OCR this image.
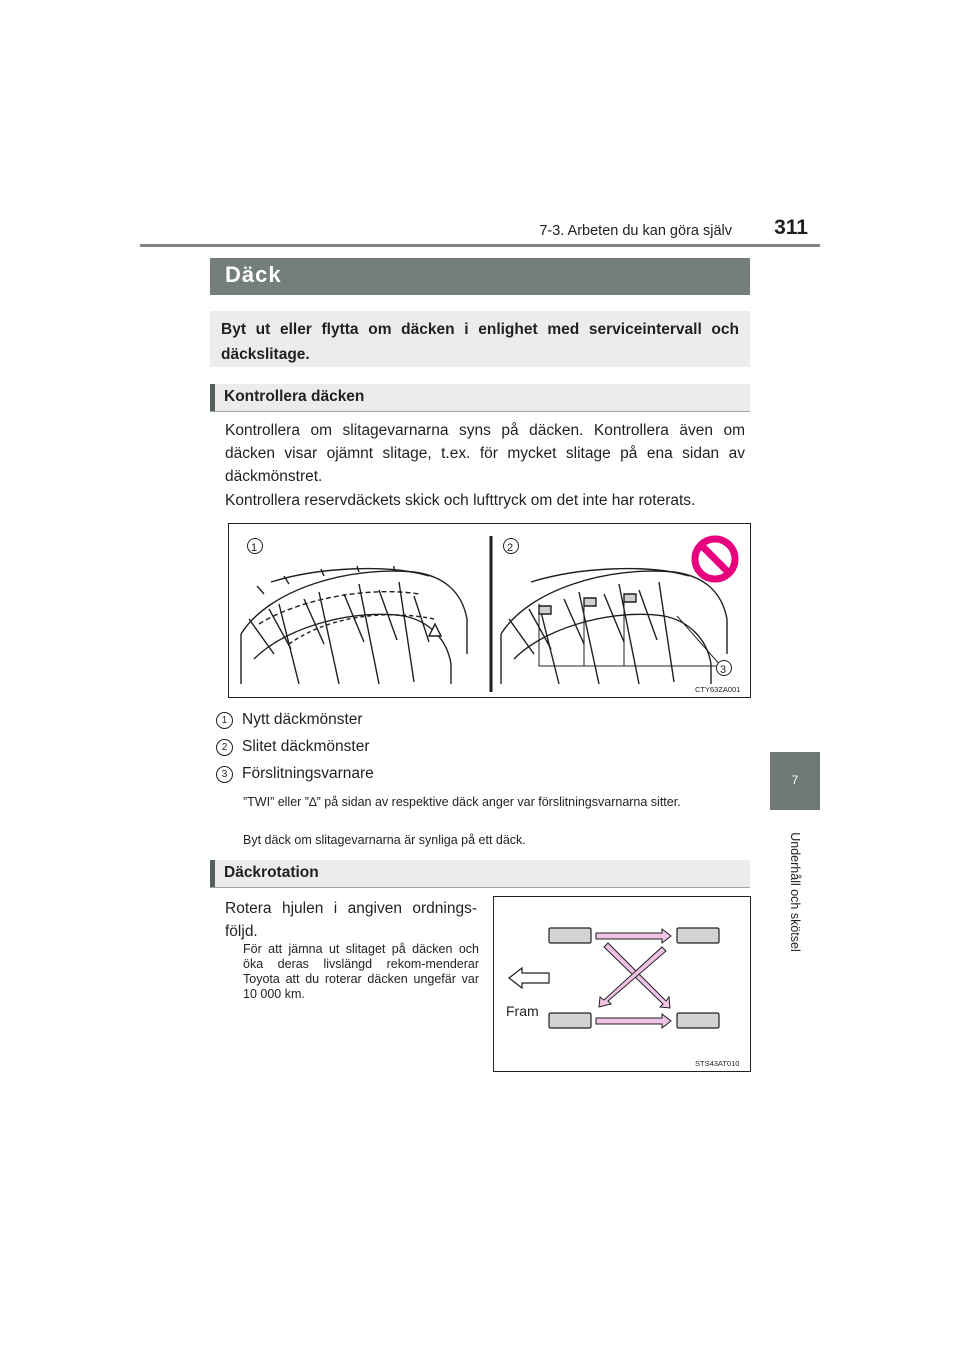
7-3. Arbeten du kan göra själv	311
7
Underhåll och skötsel
Däck
Byt ut eller flytta om däcken i enlighet med serviceintervall och däckslitage.
Kontrollera däcken
Kontrollera om slitagevarnarna syns på däcken. Kontrollera även om däcken visar ojämnt slitage, t.ex. för mycket slitage på ena sidan av däckmönstret.
Kontrollera reservdäckets skick och lufttryck om det inte har roterats.
1	2
3
CTY63ZA001
1 Nytt däckmönster
2 Slitet däckmönster
3 Förslitningsvarnare
”TWI” eller ”∆” på sidan av respektive däck anger var förslitningsvarnarna sitter.
Byt däck om slitagevarnarna är synliga på ett däck.
Däckrotation
Rotera hjulen i angiven ordnings-följd.
För att jämna ut slitaget på däcken och öka deras livslängd rekom-menderar Toyota att du roterar däcken ungefär var 10 000 km.
Fram
STS43AT010
